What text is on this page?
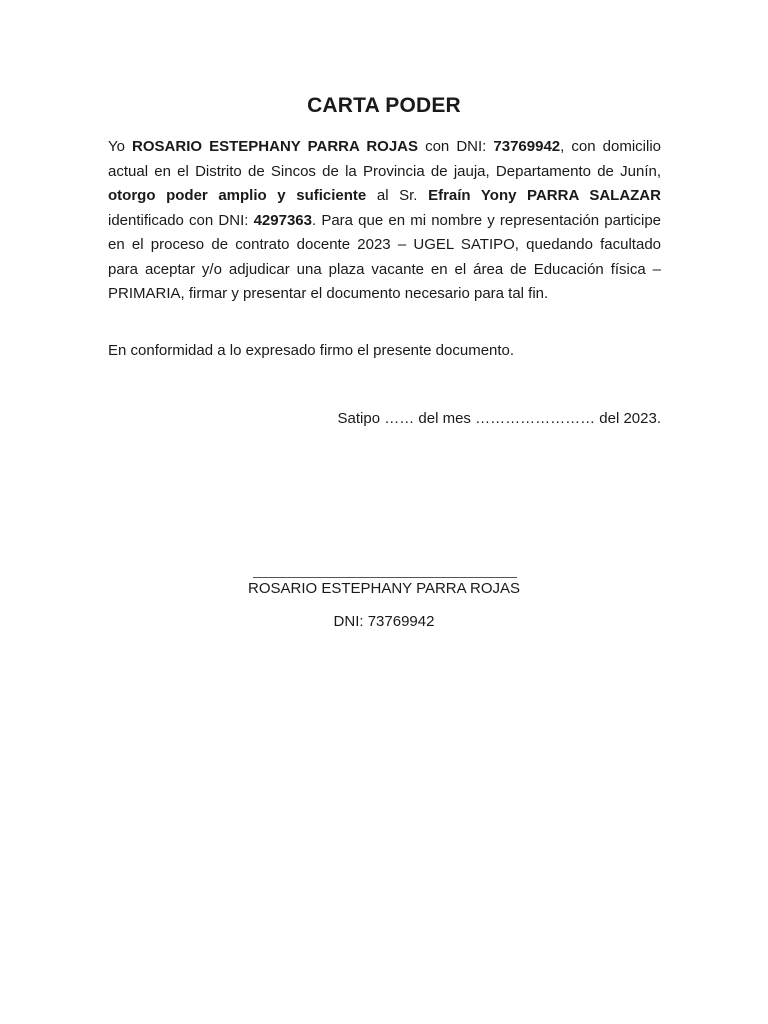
CARTA PODER
Yo ROSARIO ESTEPHANY PARRA ROJAS con DNI: 73769942, con domicilio actual en el Distrito de Sincos de la Provincia de jauja, Departamento de Junín, otorgo poder amplio y suficiente al Sr. Efraín Yony PARRA SALAZAR identificado con DNI: 4297363. Para que en mi nombre y representación participe en el proceso de contrato docente 2023 – UGEL SATIPO, quedando facultado para aceptar y/o adjudicar una plaza vacante en el área de Educación física – PRIMARIA, firmar y presentar el documento necesario para tal fin.
En conformidad a lo expresado firmo el presente documento.
Satipo …… del mes …………………… del 2023.
ROSARIO ESTEPHANY PARRA ROJAS
DNI: 73769942
